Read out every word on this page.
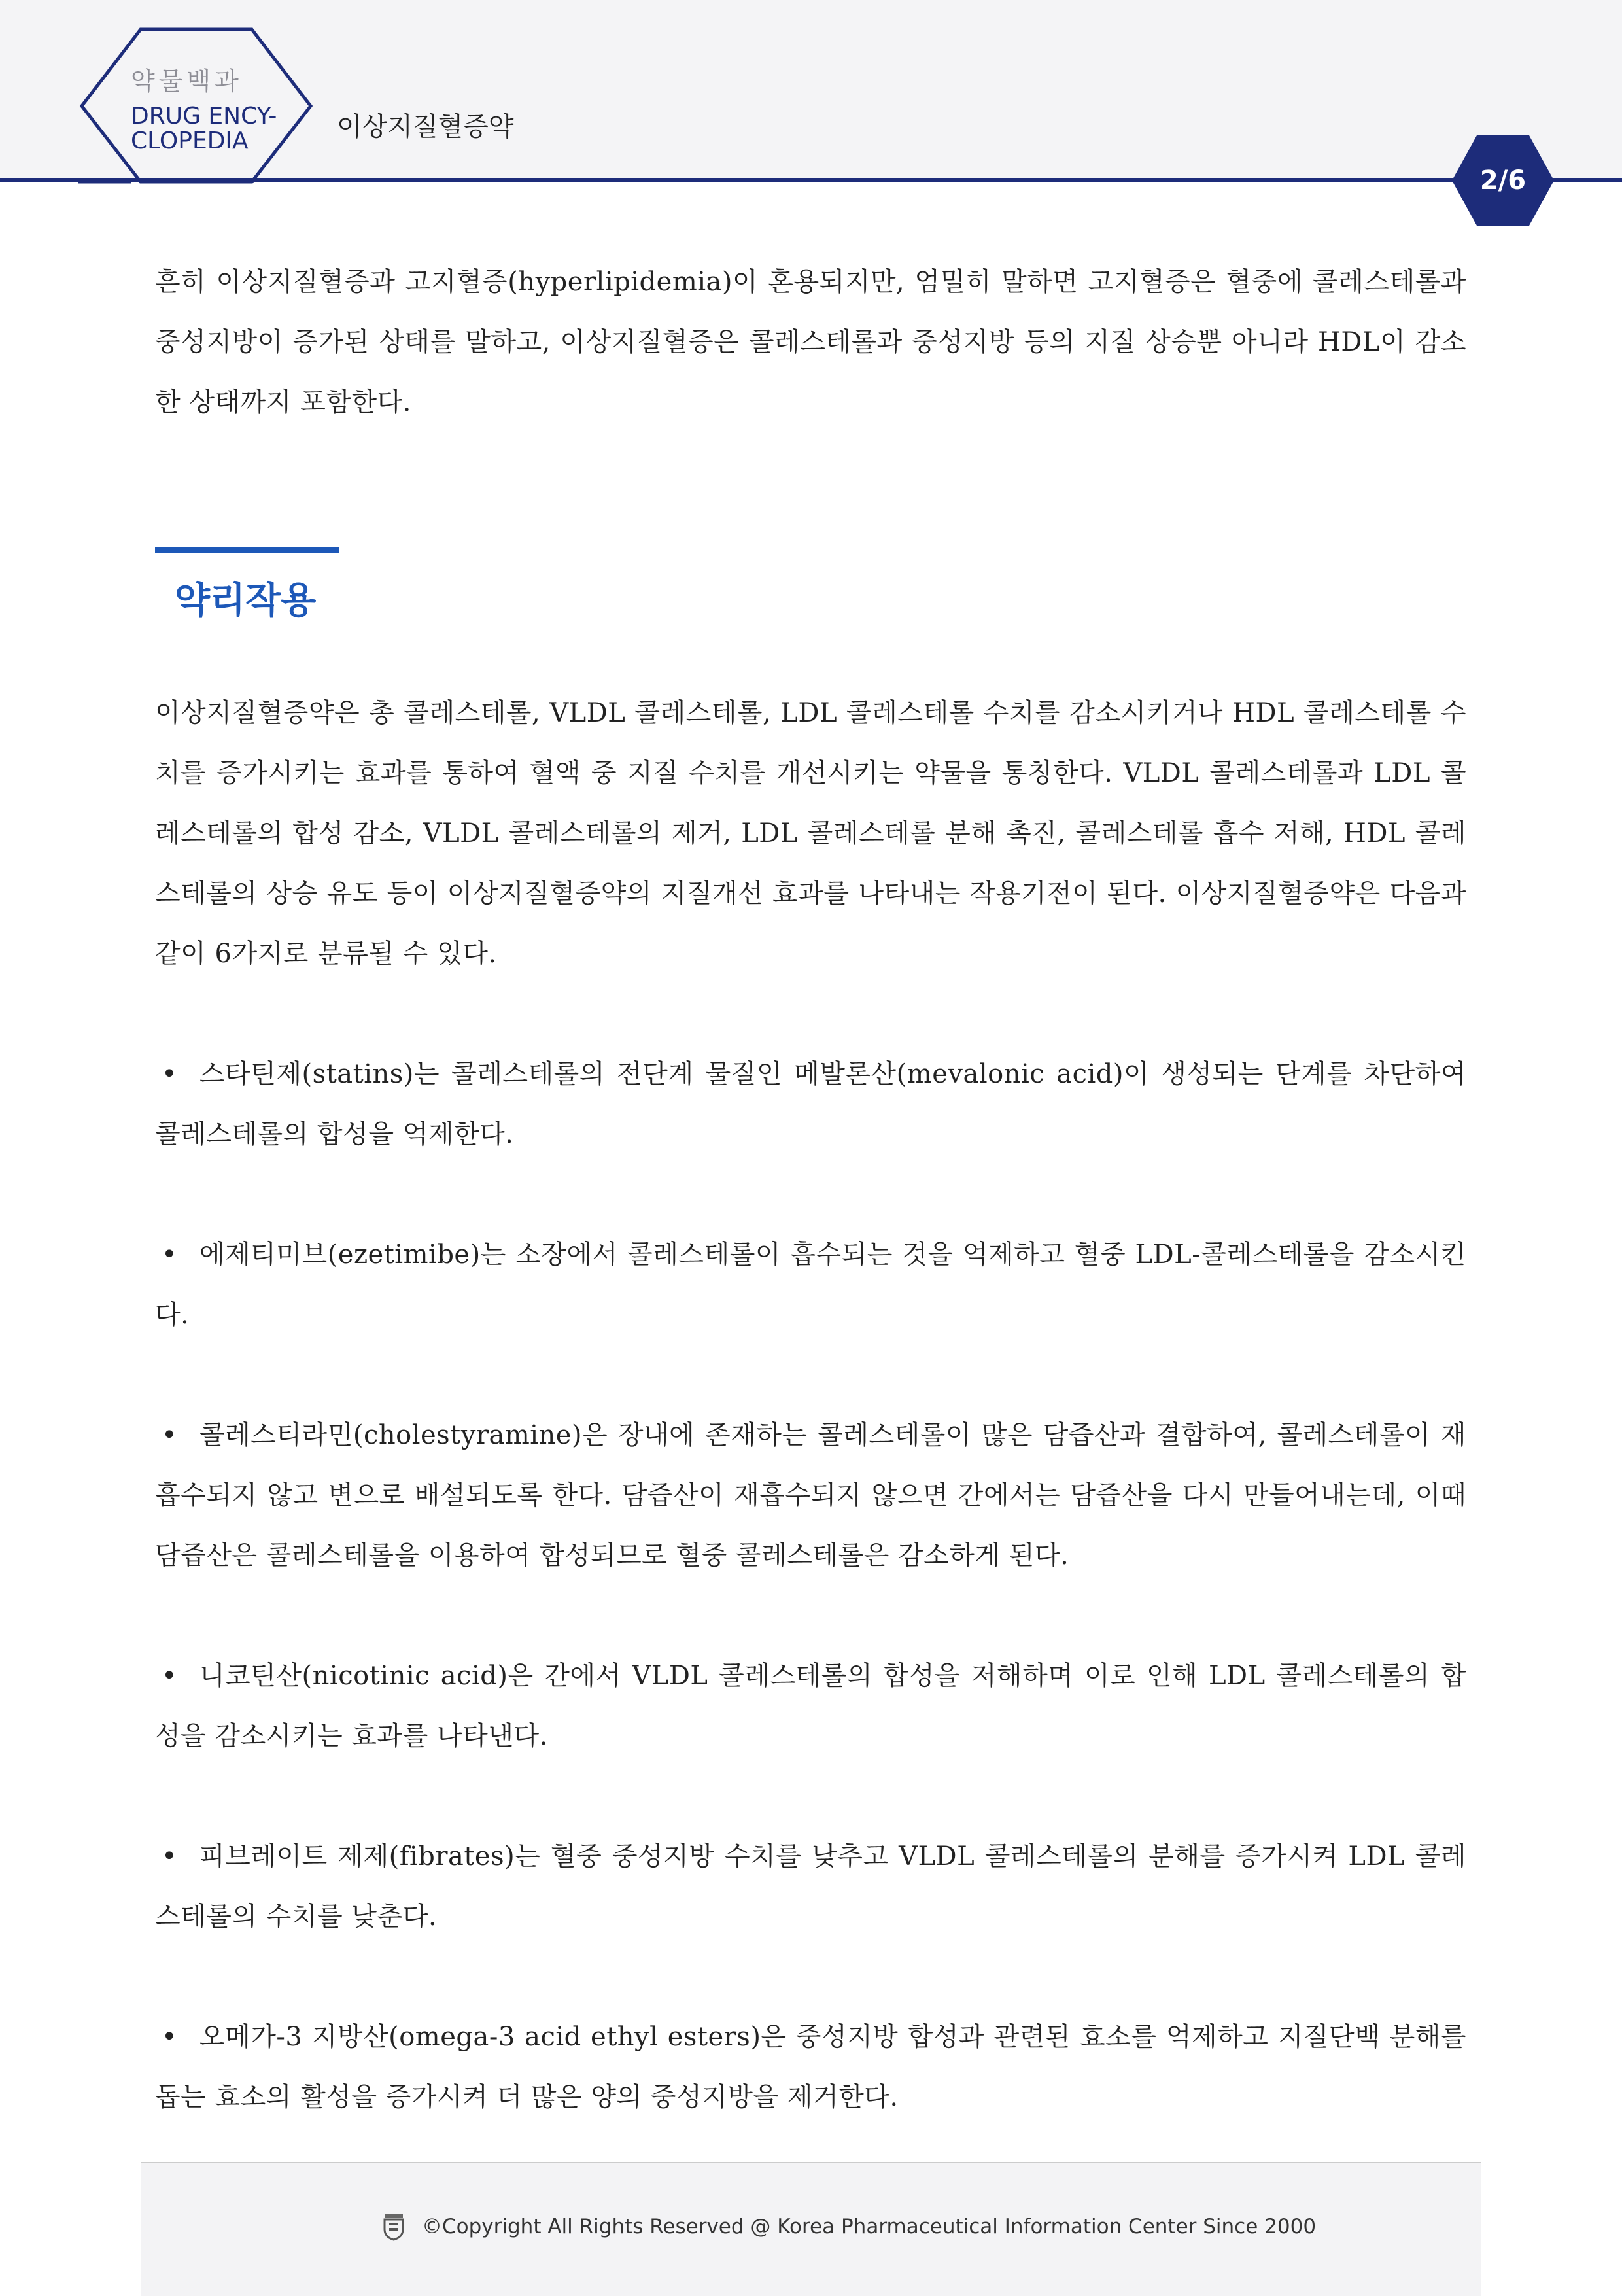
약물백과
DRUG ENCY-
CLOPEDIA	이상지질혈증약
2/6

흔히 이상지질혈증과 고지혈증(hyperlipidemia)이 혼용되지만, 엄밀히 말하면 고지혈증은 혈중에 콜레스테롤과 중성지방이 증가된 상태를 말하고, 이상지질혈증은 콜레스테롤과 중성지방 등의 지질 상승뿐 아니라 HDL이 감소한 상태까지 포함한다.

약리작용

이상지질혈증약은 총 콜레스테롤, VLDL 콜레스테롤, LDL 콜레스테롤 수치를 감소시키거나 HDL 콜레스테롤 수치를 증가시키는 효과를 통하여 혈액 중 지질 수치를 개선시키는 약물을 통칭한다. VLDL 콜레스테롤과 LDL 콜레스테롤의 합성 감소, VLDL 콜레스테롤의 제거, LDL 콜레스테롤 분해 촉진, 콜레스테롤 흡수 저해, HDL 콜레스테롤의 상승 유도 등이 이상지질혈증약의 지질개선 효과를 나타내는 작용기전이 된다. 이상지질혈증약은 다음과 같이 6가지로 분류될 수 있다.

• 스타틴제(statins)는 콜레스테롤의 전단계 물질인 메발론산(mevalonic acid)이 생성되는 단계를 차단하여 콜레스테롤의 합성을 억제한다.

• 에제티미브(ezetimibe)는 소장에서 콜레스테롤이 흡수되는 것을 억제하고 혈중 LDL-콜레스테롤을 감소시킨다.

• 콜레스티라민(cholestyramine)은 장내에 존재하는 콜레스테롤이 많은 담즙산과 결합하여, 콜레스테롤이 재흡수되지 않고 변으로 배설되도록 한다. 담즙산이 재흡수되지 않으면 간에서는 담즙산을 다시 만들어내는데, 이때 담즙산은 콜레스테롤을 이용하여 합성되므로 혈중 콜레스테롤은 감소하게 된다.

• 니코틴산(nicotinic acid)은 간에서 VLDL 콜레스테롤의 합성을 저해하며 이로 인해 LDL 콜레스테롤의 합성을 감소시키는 효과를 나타낸다.

• 피브레이트 제제(fibrates)는 혈중 중성지방 수치를 낮추고 VLDL 콜레스테롤의 분해를 증가시켜 LDL 콜레스테롤의 수치를 낮춘다.

• 오메가-3 지방산(omega-3 acid ethyl esters)은 중성지방 합성과 관련된 효소를 억제하고 지질단백 분해를 돕는 효소의 활성을 증가시켜 더 많은 양의 중성지방을 제거한다.

©Copyright All Rights Reserved @ Korea Pharmaceutical Information Center Since 2000
